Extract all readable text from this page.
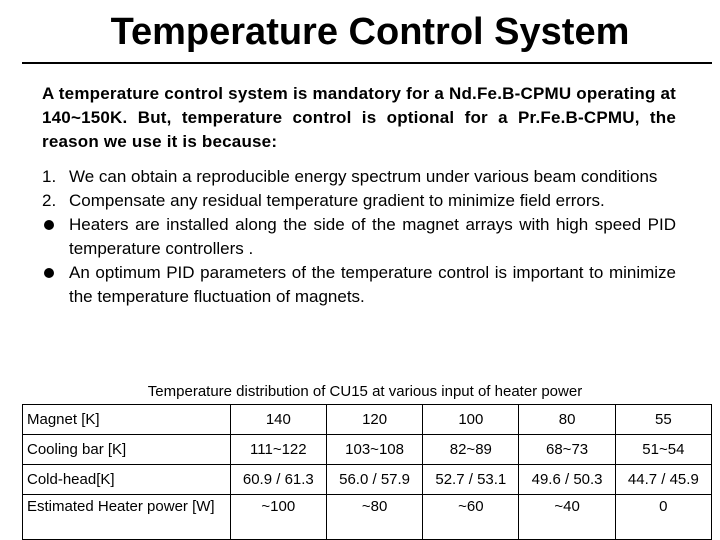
Temperature Control System
A temperature control system is mandatory for a Nd.Fe.B-CPMU operating at 140~150K. But, temperature control is optional for a Pr.Fe.B-CPMU, the reason we use it is because:
1. We can obtain a reproducible energy spectrum under various beam conditions
2. Compensate any residual temperature gradient to minimize field errors.
Heaters are installed along the side of the magnet arrays with high speed PID temperature controllers .
An optimum PID parameters of the temperature control is important to minimize the temperature fluctuation of magnets.
Temperature distribution of CU15 at various input of heater power
Magnet [K]	140	120	100	80	55
Cooling bar [K]	111~122	103~108	82~89	68~73	51~54
Cold-head[K]	60.9 / 61.3	56.0 / 57.9	52.7 / 53.1	49.6 / 50.3	44.7 / 45.9
Estimated Heater power [W]	~100	~80	~60	~40	0
